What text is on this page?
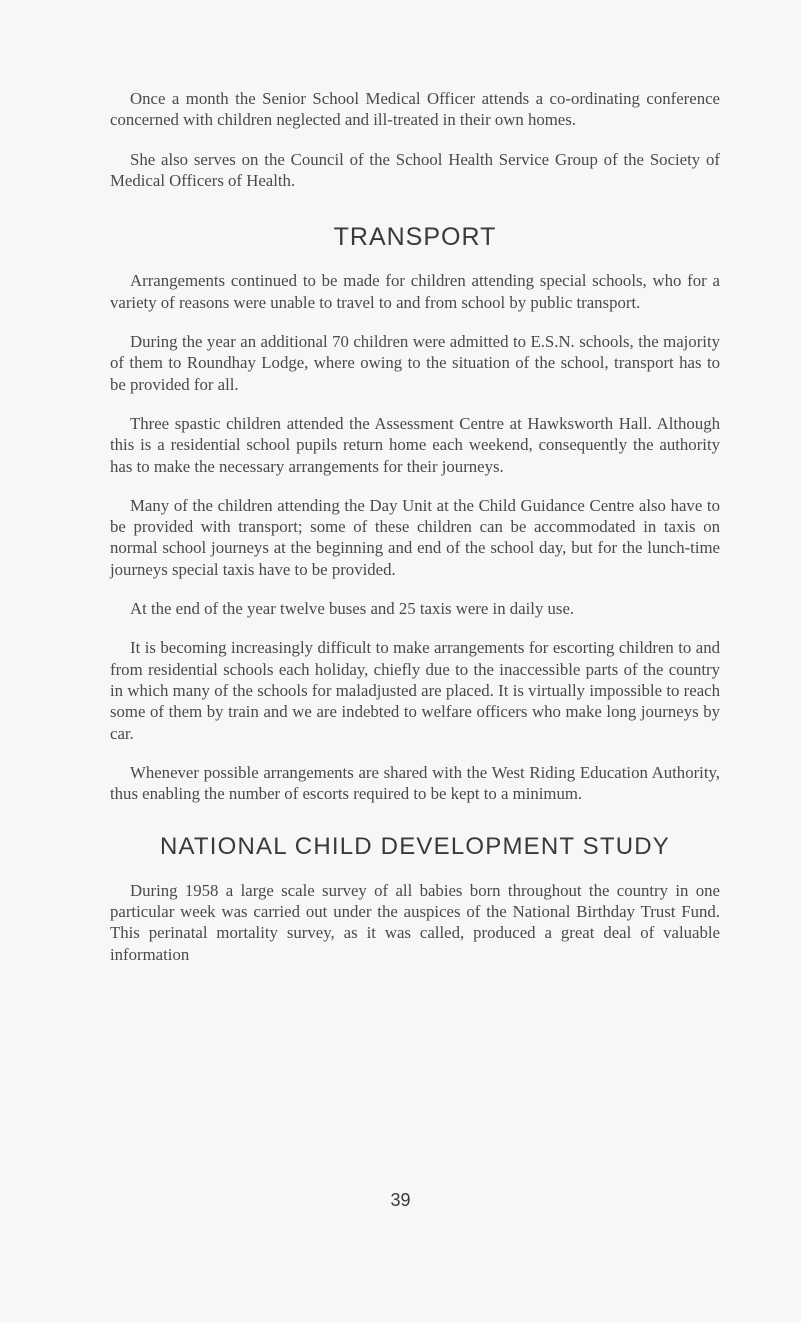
Once a month the Senior School Medical Officer attends a co-ordinating conference concerned with children neglected and ill-treated in their own homes.

She also serves on the Council of the School Health Service Group of the Society of Medical Officers of Health.

TRANSPORT

Arrangements continued to be made for children attending special schools, who for a variety of reasons were unable to travel to and from school by public transport.

During the year an additional 70 children were admitted to E.S.N. schools, the majority of them to Roundhay Lodge, where owing to the situation of the school, transport has to be provided for all.

Three spastic children attended the Assessment Centre at Hawksworth Hall. Although this is a residential school pupils return home each weekend, consequently the authority has to make the necessary arrangements for their journeys.

Many of the children attending the Day Unit at the Child Guidance Centre also have to be provided with transport; some of these children can be accommodated in taxis on normal school journeys at the beginning and end of the school day, but for the lunch-time journeys special taxis have to be provided.

At the end of the year twelve buses and 25 taxis were in daily use.

It is becoming increasingly difficult to make arrangements for escorting children to and from residential schools each holiday, chiefly due to the inaccessible parts of the country in which many of the schools for maladjusted are placed. It is virtually impossible to reach some of them by train and we are indebted to welfare officers who make long journeys by car.

Whenever possible arrangements are shared with the West Riding Education Authority, thus enabling the number of escorts required to be kept to a minimum.

NATIONAL CHILD DEVELOPMENT STUDY

During 1958 a large scale survey of all babies born throughout the country in one particular week was carried out under the auspices of the National Birthday Trust Fund. This perinatal mortality survey, as it was called, produced a great deal of valuable information

39
